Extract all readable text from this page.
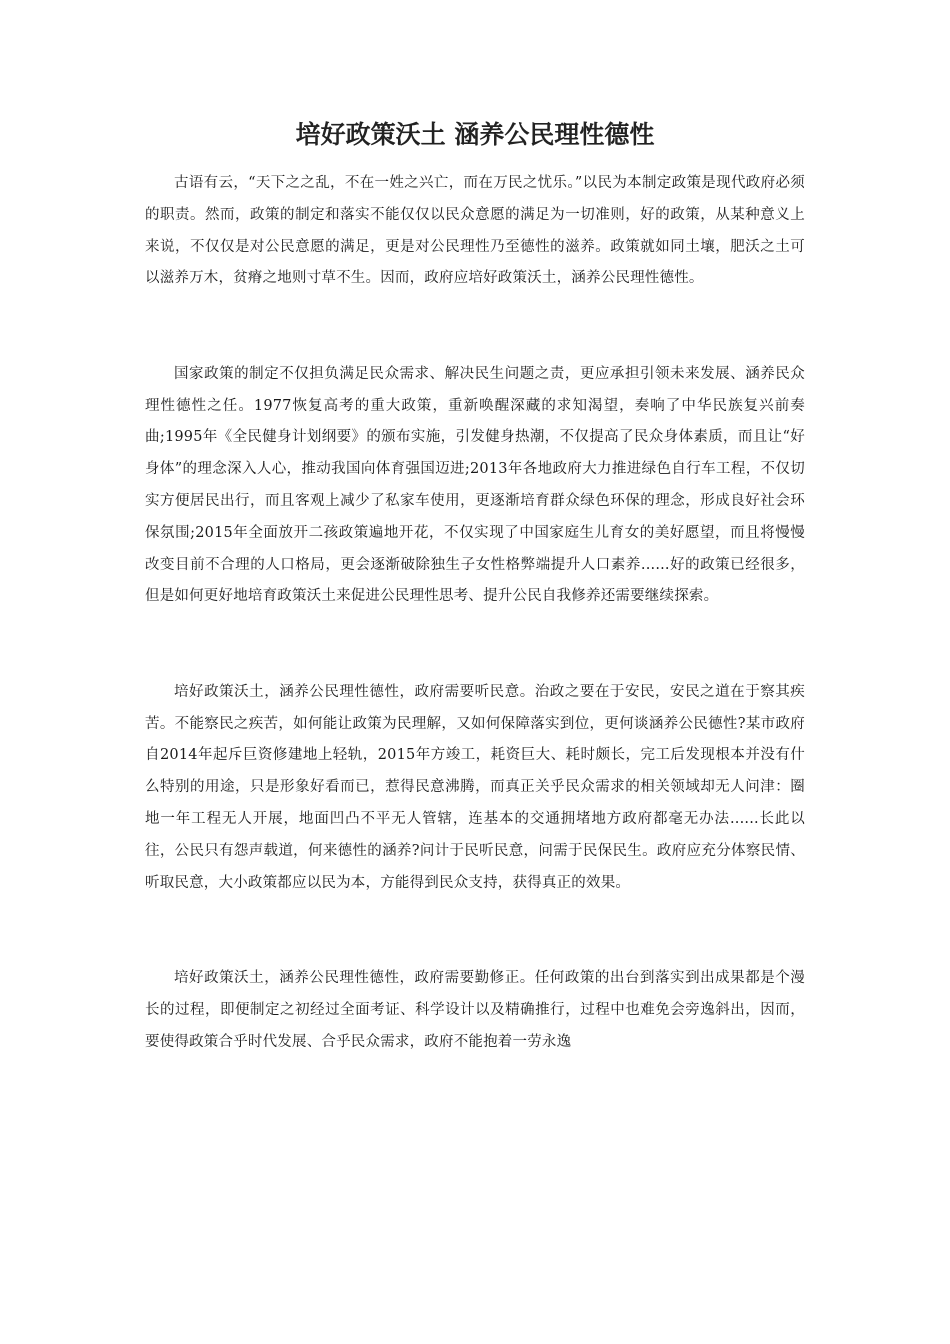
培好政策沃土 涵养公民理性德性

古语有云，“天下之之乱，不在一姓之兴亡，而在万民之忧乐。”以民为本制定政策是现代政府必须的职责。然而，政策的制定和落实不能仅仅以民众意愿的满足为一切准则，好的政策，从某种意义上来说，不仅仅是对公民意愿的满足，更是对公民理性乃至德性的滋养。政策就如同土壤，肥沃之土可以滋养万木，贫瘠之地则寸草不生。因而，政府应培好政策沃土，涵养公民理性德性。

国家政策的制定不仅担负满足民众需求、解决民生问题之责，更应承担引领未来发展、涵养民众理性德性之任。1977恢复高考的重大政策，重新唤醒深藏的求知渴望，奏响了中华民族复兴前奏曲;1995年《全民健身计划纲要》的颁布实施，引发健身热潮，不仅提高了民众身体素质，而且让“好身体”的理念深入人心，推动我国向体育强国迈进;2013年各地政府大力推进绿色自行车工程，不仅切实方便居民出行，而且客观上减少了私家车使用，更逐渐培育群众绿色环保的理念，形成良好社会环保氛围;2015年全面放开二孩政策遍地开花，不仅实现了中国家庭生儿育女的美好愿望，而且将慢慢改变目前不合理的人口格局，更会逐渐破除独生子女性格弊端提升人口素养......好的政策已经很多，但是如何更好地培育政策沃土来促进公民理性思考、提升公民自我修养还需要继续探索。

培好政策沃土，涵养公民理性德性，政府需要听民意。治政之要在于安民，安民之道在于察其疾苦。不能察民之疾苦，如何能让政策为民理解，又如何保障落实到位，更何谈涵养公民德性?某市政府自2014年起斥巨资修建地上轻轨，2015年方竣工，耗资巨大、耗时颇长，完工后发现根本并没有什么特别的用途，只是形象好看而已，惹得民意沸腾，而真正关乎民众需求的相关领域却无人问津：圈地一年工程无人开展，地面凹凸不平无人管辖，连基本的交通拥堵地方政府都毫无办法......长此以往，公民只有怨声载道，何来德性的涵养?问计于民听民意，问需于民保民生。政府应充分体察民情、听取民意，大小政策都应以民为本，方能得到民众支持，获得真正的效果。

培好政策沃土，涵养公民理性德性，政府需要勤修正。任何政策的出台到落实到出成果都是个漫长的过程，即便制定之初经过全面考证、科学设计以及精确推行，过程中也难免会旁逸斜出，因而，要使得政策合乎时代发展、合乎民众需求，政府不能抱着一劳永逸
